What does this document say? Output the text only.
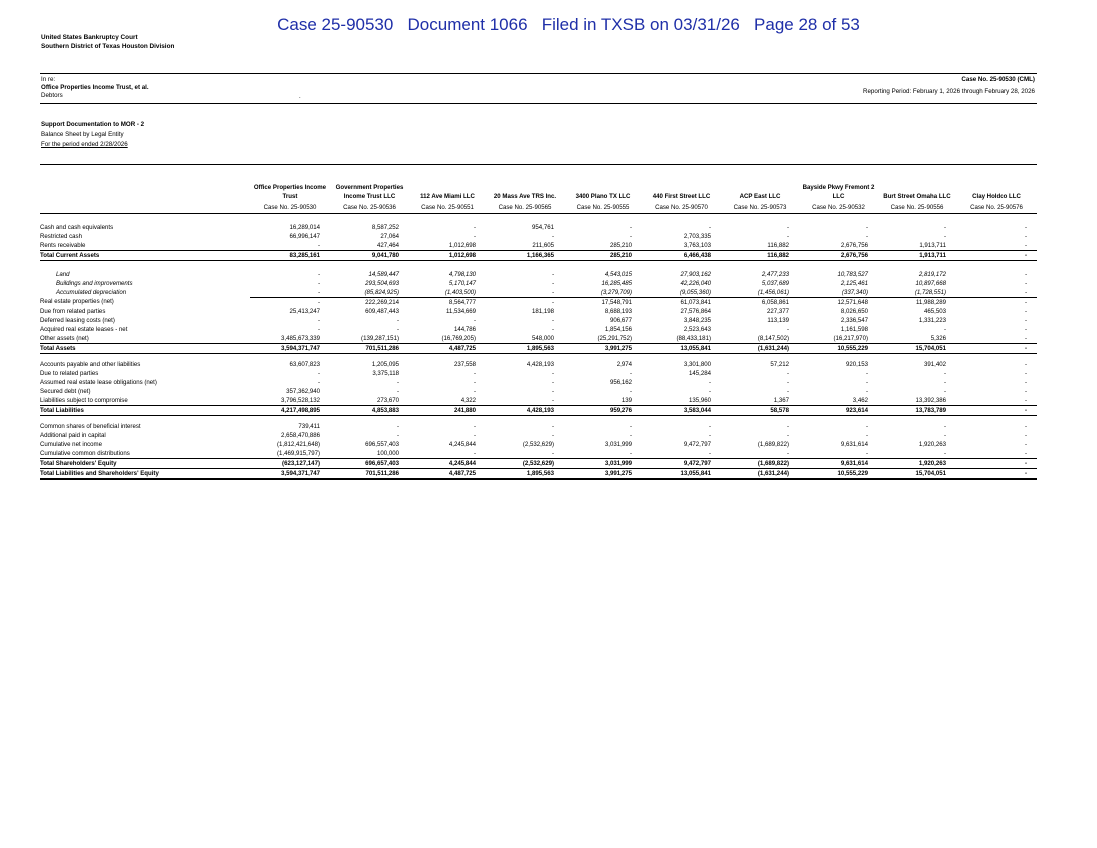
Case 25-90530   Document 1066   Filed in TXSB on 03/31/26   Page 28 of 53
United States Bankruptcy Court
Southern District of Texas Houston Division
In re:
Office Properties Income Trust, et al.
Debtors	.
Case No. 25-90530 (CML)
Reporting Period: February 1, 2026 through February 28, 2026
Support Documentation to MOR - 2
Balance Sheet by Legal Entity
For the period ended 2/28/2026

	Office Properties Income Trust	Government Properties Income Trust LLC	112 Ave Miami LLC	20 Mass Ave TRS Inc.	3400 Plano TX LLC	440 First Street LLC	ACP East LLC	Bayside Pkwy Fremont 2 LLC	Burt Street Omaha LLC	Clay Holdco LLC
	Case No. 25-90530	Case No. 25-90536	Case No. 25-90551	Case No. 25-90565	Case No. 25-90555	Case No. 25-90570	Case No. 25-90573	Case No. 25-90532	Case No. 25-90556	Case No. 25-90576

Cash and cash equivalents	16,289,014	8,587,252	-	954,761	-	-	-	-	-	-
Restricted cash	66,996,147	27,064	-	-	-	2,703,335	-	-	-	-
Rents receivable	-	427,464	1,012,698	211,605	285,210	3,763,103	116,882	2,676,756	1,913,711	-
Total Current Assets	83,285,161	9,041,780	1,012,698	1,166,365	285,210	6,466,438	116,882	2,676,756	1,913,711	-

Land	-	14,589,447	4,798,130	-	4,543,015	27,903,162	2,477,233	10,783,527	2,819,172	-
Buildings and improvements	-	293,504,693	5,170,147	-	16,285,485	42,226,040	5,037,689	2,125,461	10,897,668	-
Accumulated depreciation	-	(85,824,925)	(1,403,500)	-	(3,279,709)	(9,055,360)	(1,456,061)	(337,340)	(1,728,551)	-
Real estate properties (net)	-	222,269,214	8,564,777	-	17,548,791	61,073,841	6,058,861	12,571,648	11,988,289	-
Due from related parties	25,413,247	609,487,443	11,534,669	181,198	8,688,193	27,576,864	227,377	8,026,650	465,503	-
Deferred leasing costs (net)	-	-	-	-	906,677	3,848,235	113,139	2,336,547	1,331,223	-
Acquired real estate leases - net	-	-	144,786	-	1,854,156	2,523,643	-	1,161,598	-	-
Other assets (net)	3,485,673,339	(139,287,151)	(16,769,205)	548,000	(25,291,752)	(88,433,181)	(8,147,502)	(16,217,970)	5,326	-
Total Assets	3,594,371,747	701,511,286	4,487,725	1,895,563	3,991,275	13,055,841	(1,631,244)	10,555,229	15,704,051	-

Accounts payable and other liabilities	63,607,823	1,205,095	237,558	4,428,193	2,974	3,301,800	57,212	920,153	391,402	-
Due to related parties	-	3,375,118	-	-	-	145,284	-	-	-	-
Assumed real estate lease obligations (net)	-	-	-	-	956,162	-	-	-	-	-
Secured debt (net)	357,362,940	-	-	-	-	-	-	-	-	-
Liabilities subject to compromise	3,796,528,132	273,670	4,322	-	139	135,960	1,367	3,462	13,392,386	-
Total Liabilities	4,217,498,895	4,853,883	241,880	4,428,193	959,276	3,583,044	58,578	923,614	13,783,789	-

Common shares of beneficial interest	739,411	-	-	-	-	-	-	-	-	-
Additional paid in capital	2,658,470,886	-	-	-	-	-	-	-	-	-
Cumulative net income	(1,812,421,648)	696,557,403	4,245,844	(2,532,629)	3,031,999	9,472,797	(1,689,822)	9,631,614	1,920,263	-
Cumulative common distributions	(1,469,915,797)	100,000	-	-	-	-	-	-	-	-
Total Shareholders' Equity	(623,127,147)	696,657,403	4,245,844	(2,532,629)	3,031,999	9,472,797	(1,689,822)	9,631,614	1,920,263	-
Total Liabilities and Shareholders' Equity	3,594,371,747	701,511,286	4,487,725	1,895,563	3,991,275	13,055,841	(1,631,244)	10,555,229	15,704,051	-
